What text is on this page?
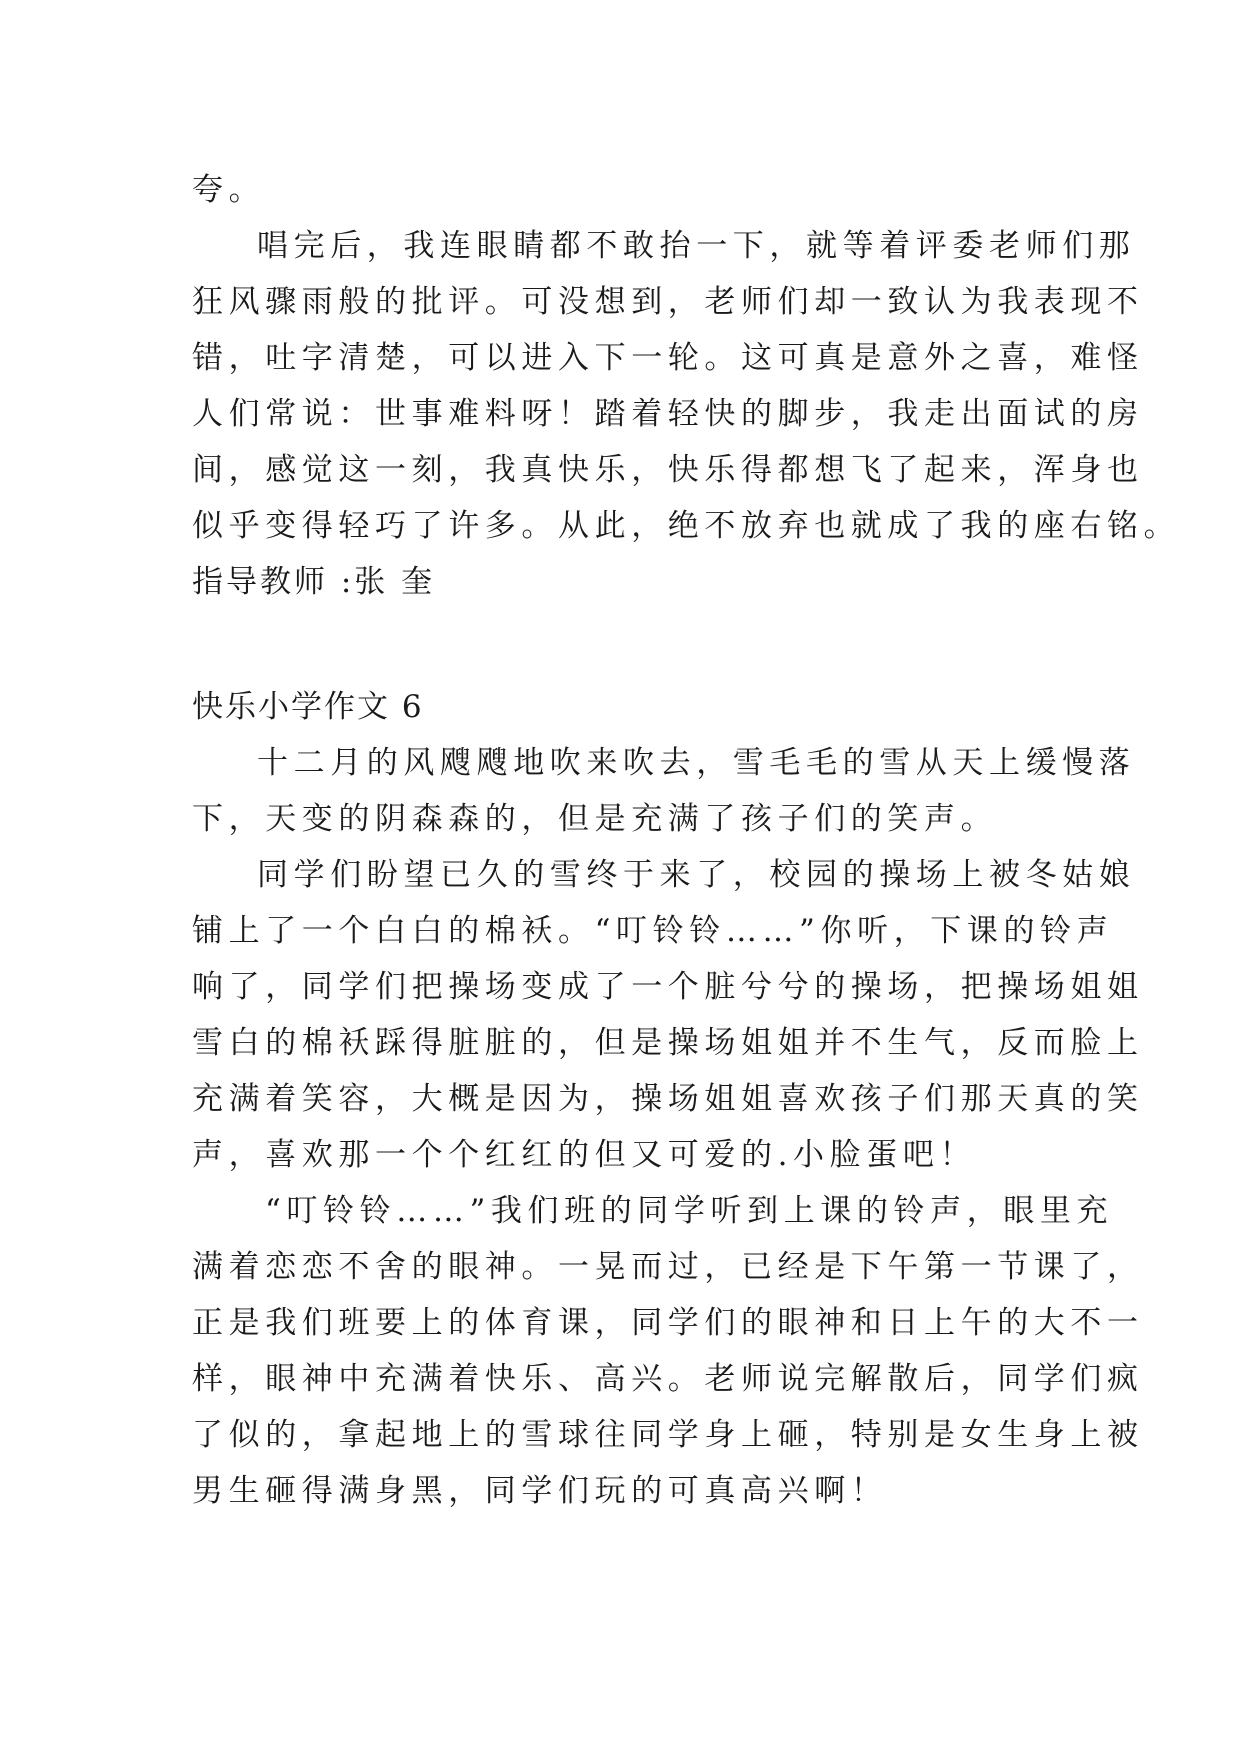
夸。
唱完后，我连眼睛都不敢抬一下，就等着评委老师们那
狂风骤雨般的批评。可没想到，老师们却一致认为我表现不
错，吐字清楚，可以进入下一轮。这可真是意外之喜，难怪
人们常说：世事难料呀！踏着轻快的脚步，我走出面试的房
间，感觉这一刻，我真快乐，快乐得都想飞了起来，浑身也
似乎变得轻巧了许多。从此，绝不放弃也就成了我的座右铭。
指导教师 :张 奎
快乐小学作文 6
十二月的风飕飕地吹来吹去，雪毛毛的雪从天上缓慢落
下，天变的阴森森的，但是充满了孩子们的笑声。
同学们盼望已久的雪终于来了，校园的操场上被冬姑娘
铺上了一个白白的棉袄。“叮铃铃……”你听，下课的铃声
响了，同学们把操场变成了一个脏兮兮的操场，把操场姐姐
雪白的棉袄踩得脏脏的，但是操场姐姐并不生气，反而脸上
充满着笑容，大概是因为，操场姐姐喜欢孩子们那天真的笑
声，喜欢那一个个红红的但又可爱的.小脸蛋吧！
“叮铃铃……”我们班的同学听到上课的铃声，眼里充
满着恋恋不舍的眼神。一晃而过，已经是下午第一节课了，
正是我们班要上的体育课，同学们的眼神和日上午的大不一
样，眼神中充满着快乐、高兴。老师说完解散后，同学们疯
了似的，拿起地上的雪球往同学身上砸，特别是女生身上被
男生砸得满身黑，同学们玩的可真高兴啊！
